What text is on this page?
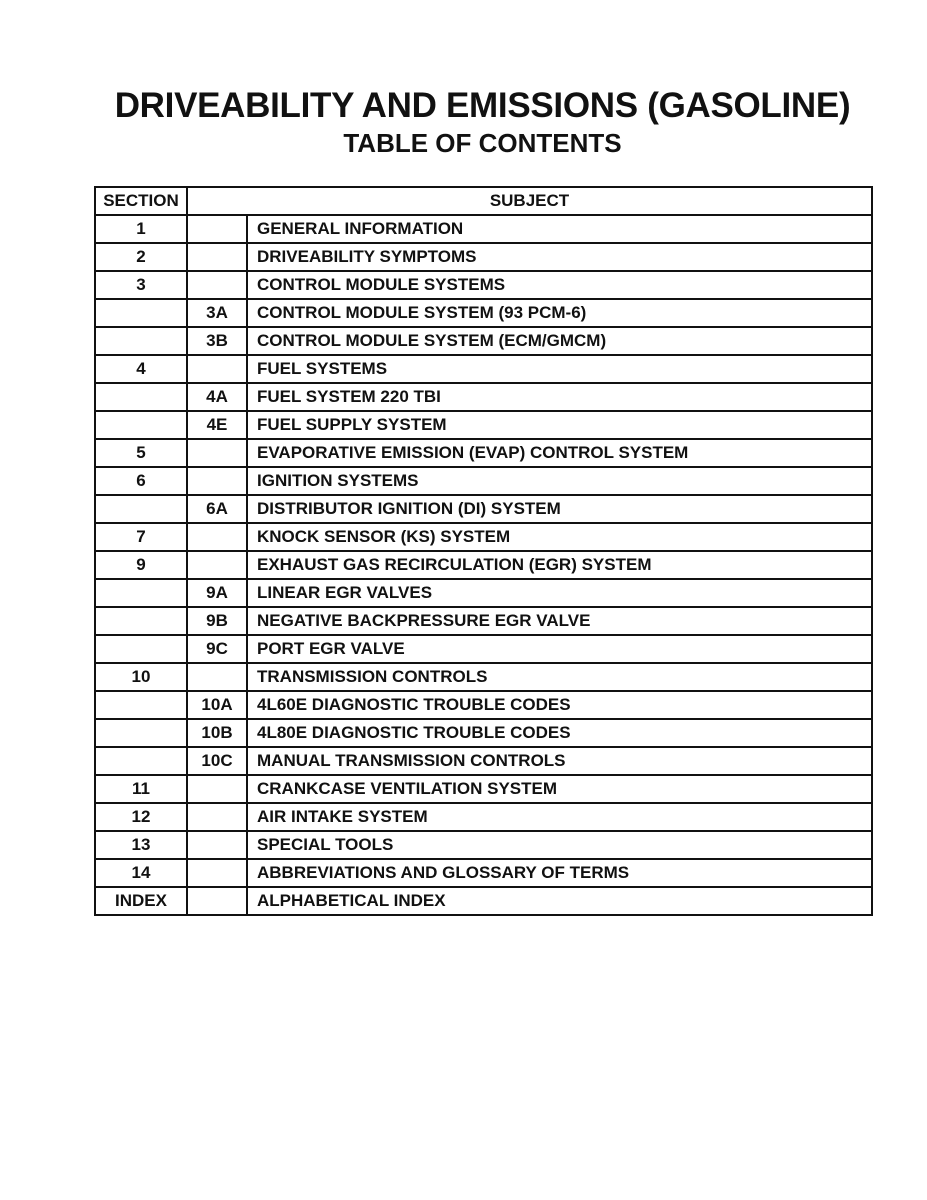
DRIVEABILITY AND EMISSIONS (GASOLINE)
TABLE OF CONTENTS
SECTION	SUBJECT	
1		GENERAL INFORMATION
2		DRIVEABILITY SYMPTOMS
3		CONTROL MODULE SYSTEMS
	3A	CONTROL MODULE SYSTEM (93 PCM-6)
	3B	CONTROL MODULE SYSTEM (ECM/GMCM)
4		FUEL SYSTEMS
	4A	FUEL SYSTEM 220 TBI
	4E	FUEL SUPPLY SYSTEM
5		EVAPORATIVE EMISSION (EVAP) CONTROL SYSTEM
6		IGNITION SYSTEMS
	6A	DISTRIBUTOR IGNITION (DI) SYSTEM
7		KNOCK SENSOR (KS) SYSTEM
9		EXHAUST GAS RECIRCULATION (EGR) SYSTEM
	9A	LINEAR EGR VALVES
	9B	NEGATIVE BACKPRESSURE EGR VALVE
	9C	PORT EGR VALVE
10		TRANSMISSION CONTROLS
	10A	4L60E DIAGNOSTIC TROUBLE CODES
	10B	4L80E DIAGNOSTIC TROUBLE CODES
	10C	MANUAL TRANSMISSION CONTROLS
11		CRANKCASE VENTILATION SYSTEM
12		AIR INTAKE SYSTEM
13		SPECIAL TOOLS
14		ABBREVIATIONS AND GLOSSARY OF TERMS
INDEX		ALPHABETICAL INDEX
